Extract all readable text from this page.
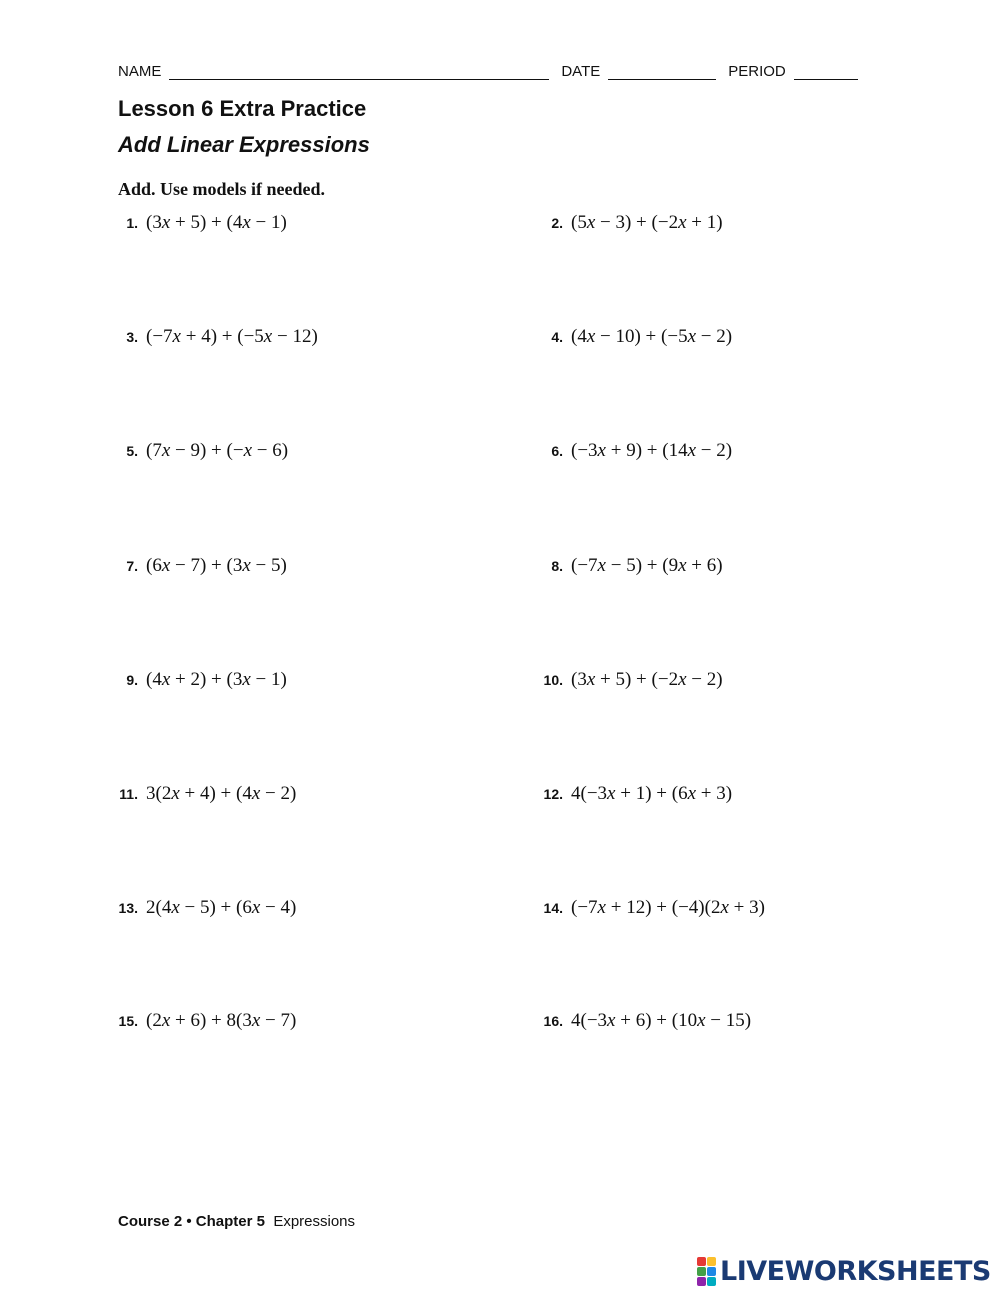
NAME	DATE	PERIOD
Lesson 6 Extra Practice
Add Linear Expressions
Add. Use models if needed.
1. (3x + 5) + (4x − 1)	2. (5x − 3) + (−2x + 1)
3. (−7x + 4) + (−5x − 12)	4. (4x − 10) + (−5x − 2)
5. (7x − 9) + (−x − 6)	6. (−3x + 9) + (14x − 2)
7. (6x − 7) + (3x − 5)	8. (−7x − 5) + (9x + 6)
9. (4x + 2) + (3x − 1)	10. (3x + 5) + (−2x − 2)
11. 3(2x + 4) + (4x − 2)	12. 4(−3x + 1) + (6x + 3)
13. 2(4x − 5) + (6x − 4)	14. (−7x + 12) + (−4)(2x + 3)
15. (2x + 6) + 8(3x − 7)	16. 4(−3x + 6) + (10x − 15)
Course 2 • Chapter 5 Expressions
LIVEWORKSHEETS
